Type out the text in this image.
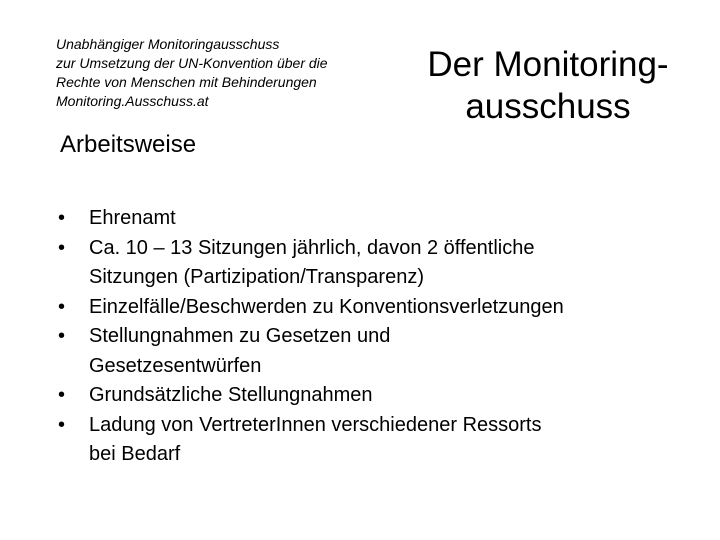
Unabhängiger Monitoringausschuss
zur Umsetzung der UN-Konvention über die
Rechte von Menschen mit Behinderungen
Monitoring.Ausschuss.at
Der Monitoring-
ausschuss
Arbeitsweise
•	Ehrenamt
•	Ca. 10 – 13 Sitzungen jährlich, davon 2 öffentliche
Sitzungen (Partizipation/Transparenz)
•	Einzelfälle/Beschwerden zu Konventionsverletzungen
•	Stellungnahmen zu Gesetzen und
Gesetzesentwürfen
•	Grundsätzliche Stellungnahmen
•	Ladung von VertreterInnen verschiedener Ressorts
bei Bedarf
